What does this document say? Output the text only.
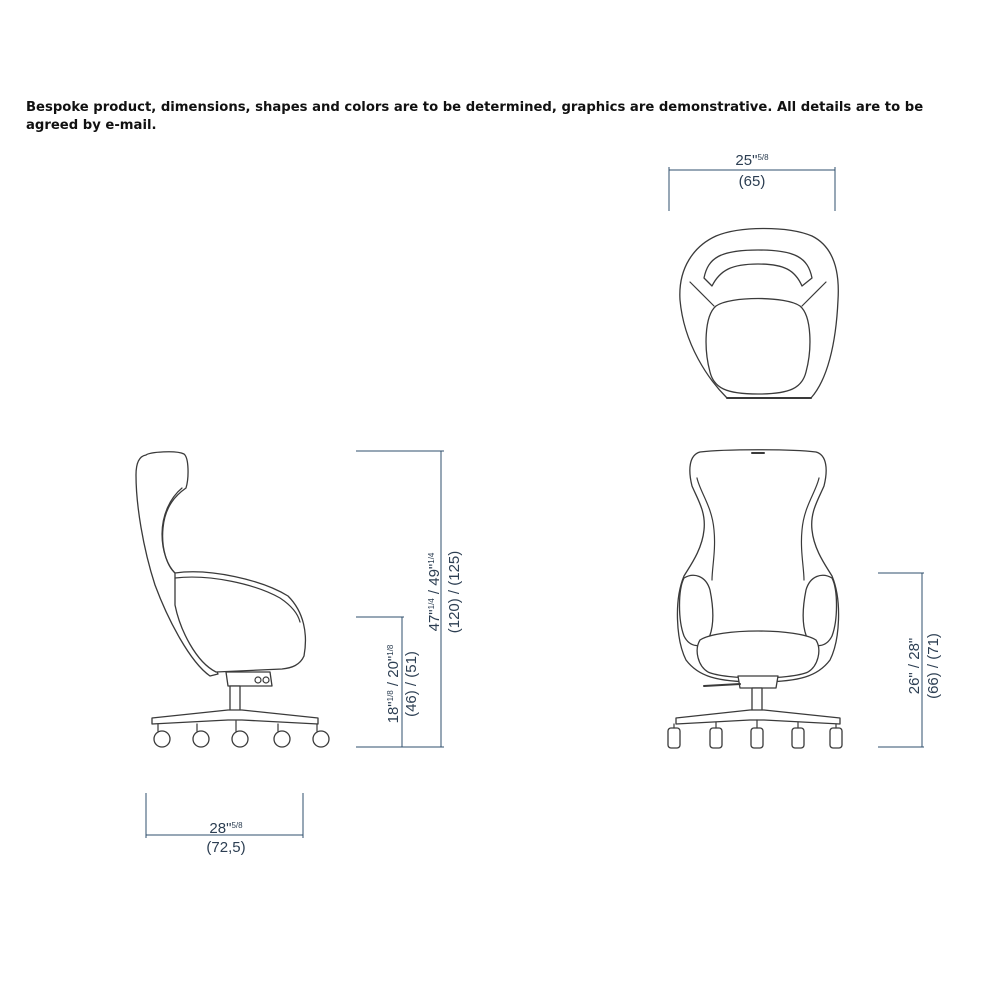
Bespoke product, dimensions, shapes and colors are to be determined, graphics are demonstrative. All details are to be agreed by e-mail.

25"$^{5/8}$
(65)
28"$^{5/8}$
(72,5)
47"$^{1/4}$ / 49"$^{1/4}$ (120) / (125)
18"$^{1/8}$ / 20"$^{1/8}$
(46) / (51)	26" / 28" (66) / (71)
